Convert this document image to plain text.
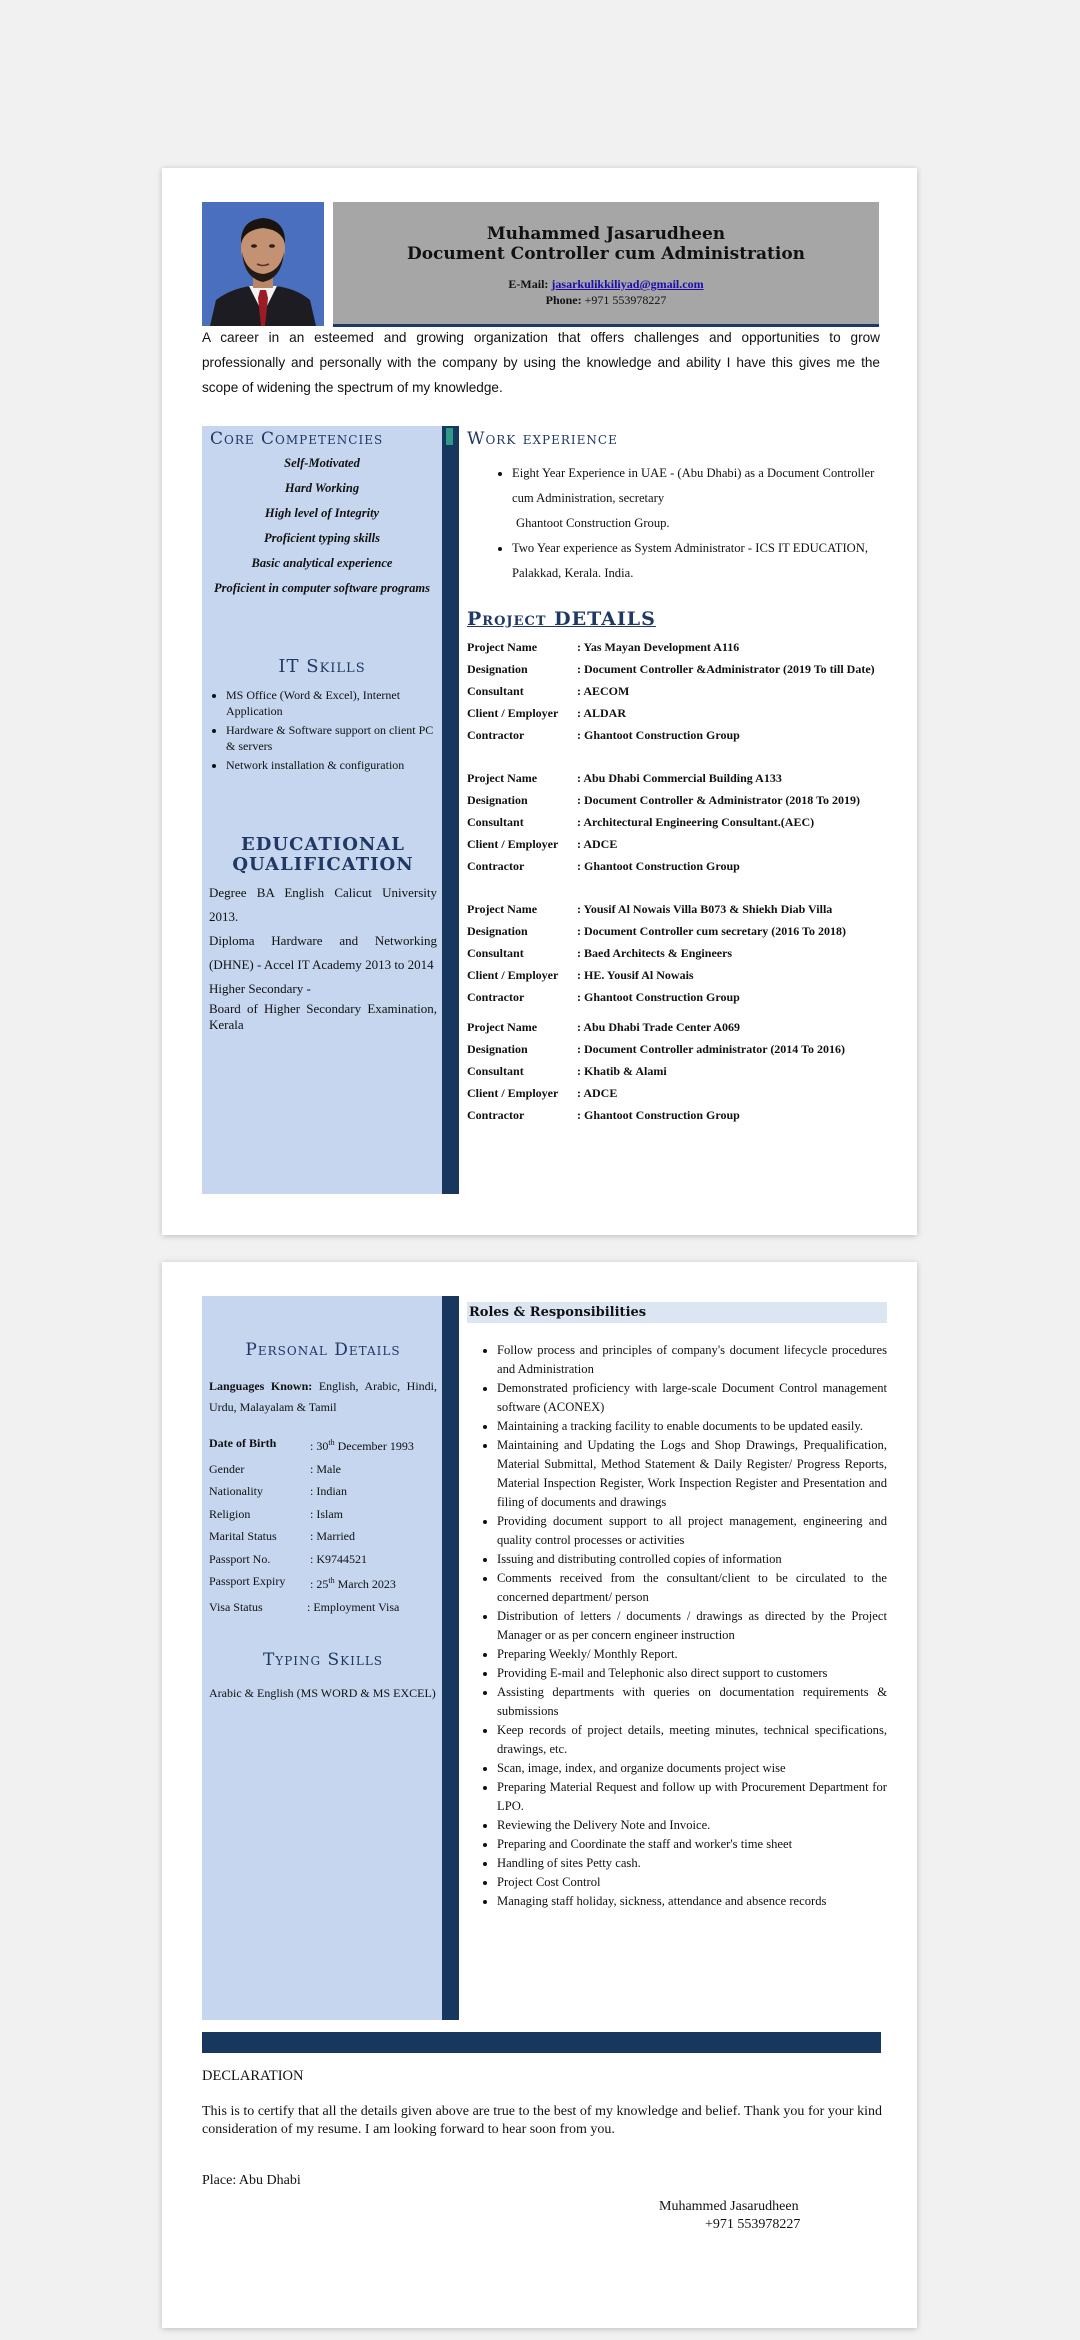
Muhammed Jasarudheen
Document Controller cum Administration
E-Mail: jasarkulikkiliyad@gmail.com
Phone: +971 553978227
A career in an esteemed and growing organization that offers challenges and opportunities to grow professionally and personally with the company by using the knowledge and ability I have this gives me the scope of widening the spectrum of my knowledge.
Core Competencies
Self-Motivated
Hard Working
High level of Integrity
Proficient typing skills
Basic analytical experience
Proficient in computer software programs
IT Skills
• MS Office (Word & Excel), Internet Application
• Hardware & Software support on client PC & servers
• Network installation & configuration
EDUCATIONAL QUALIFICATION

Degree BA English Calicut University 2013.

Diploma Hardware and Networking (DHNE) - Accel IT Academy 2013 to 2014

Higher Secondary -

Board of Higher Secondary Examination, Kerala

Work experience
• Eight Year Experience in UAE - (Abu Dhabi) as a Document Controller cum Administration, secretary
Ghantoot Construction Group.
• Two Year experience as System Administrator - ICS IT EDUCATION, Palakkad, Kerala. India.
Project DETAILS
Project Name	: Yas Mayan Development A116
Designation	: Document Controller &Administrator (2019 To till Date)
Consultant	: AECOM
Client / Employer	: ALDAR
Contractor	: Ghantoot Construction Group
Project Name	: Abu Dhabi Commercial Building A133
Designation	: Document Controller & Administrator (2018 To 2019)
Consultant	: Architectural Engineering Consultant.(AEC)
Client / Employer	: ADCE
Contractor	: Ghantoot Construction Group
Project Name	: Yousif Al Nowais Villa B073 & Shiekh Diab Villa
Designation	: Document Controller cum secretary (2016 To 2018)
Consultant	: Baed Architects & Engineers
Client / Employer	: HE. Yousif Al Nowais
Contractor	: Ghantoot Construction Group
Project Name	: Abu Dhabi Trade Center A069
Designation	: Document Controller administrator (2014 To 2016)
Consultant	: Khatib & Alami
Client / Employer	: ADCE
Contractor	: Ghantoot Construction Group
Personal Details
Languages Known: English, Arabic, Hindi, Urdu, Malayalam & Tamil
Date of Birth	: 30th December 1993
Gender	: Male
Nationality	: Indian
Religion	: Islam
Marital Status	: Married
Passport No.	: K9744521
Passport Expiry	: 25th March 2023
Visa Status	: Employment Visa
Typing Skills
Arabic & English (MS WORD & MS EXCEL)
Roles & Responsibilities
• Follow process and principles of company's document lifecycle procedures and Administration
• Demonstrated proficiency with large-scale Document Control management software (ACONEX)
• Maintaining a tracking facility to enable documents to be updated easily.
• Maintaining and Updating the Logs and Shop Drawings, Prequalification, Material Submittal, Method Statement & Daily Register/ Progress Reports, Material Inspection Register, Work Inspection Register and Presentation and filing of documents and drawings
• Providing document support to all project management, engineering and quality control processes or activities
• Issuing and distributing controlled copies of information
• Comments received from the consultant/client to be circulated to the concerned department/ person
• Distribution of letters / documents / drawings as directed by the Project Manager or as per concern engineer instruction
• Preparing Weekly/ Monthly Report.
• Providing E-mail and Telephonic also direct support to customers
• Assisting departments with queries on documentation requirements & submissions
• Keep records of project details, meeting minutes, technical specifications, drawings, etc.
• Scan, image, index, and organize documents project wise
• Preparing Material Request and follow up with Procurement Department for LPO.
• Reviewing the Delivery Note and Invoice.
• Preparing and Coordinate the staff and worker's time sheet
• Handling of sites Petty cash.
• Project Cost Control
• Managing staff holiday, sickness, attendance and absence records
DECLARATION
This is to certify that all the details given above are true to the best of my knowledge and belief. Thank you for your kind consideration of my resume. I am looking forward to hear soon from you.
Place: Abu Dhabi
Muhammed Jasarudheen
+971 553978227
